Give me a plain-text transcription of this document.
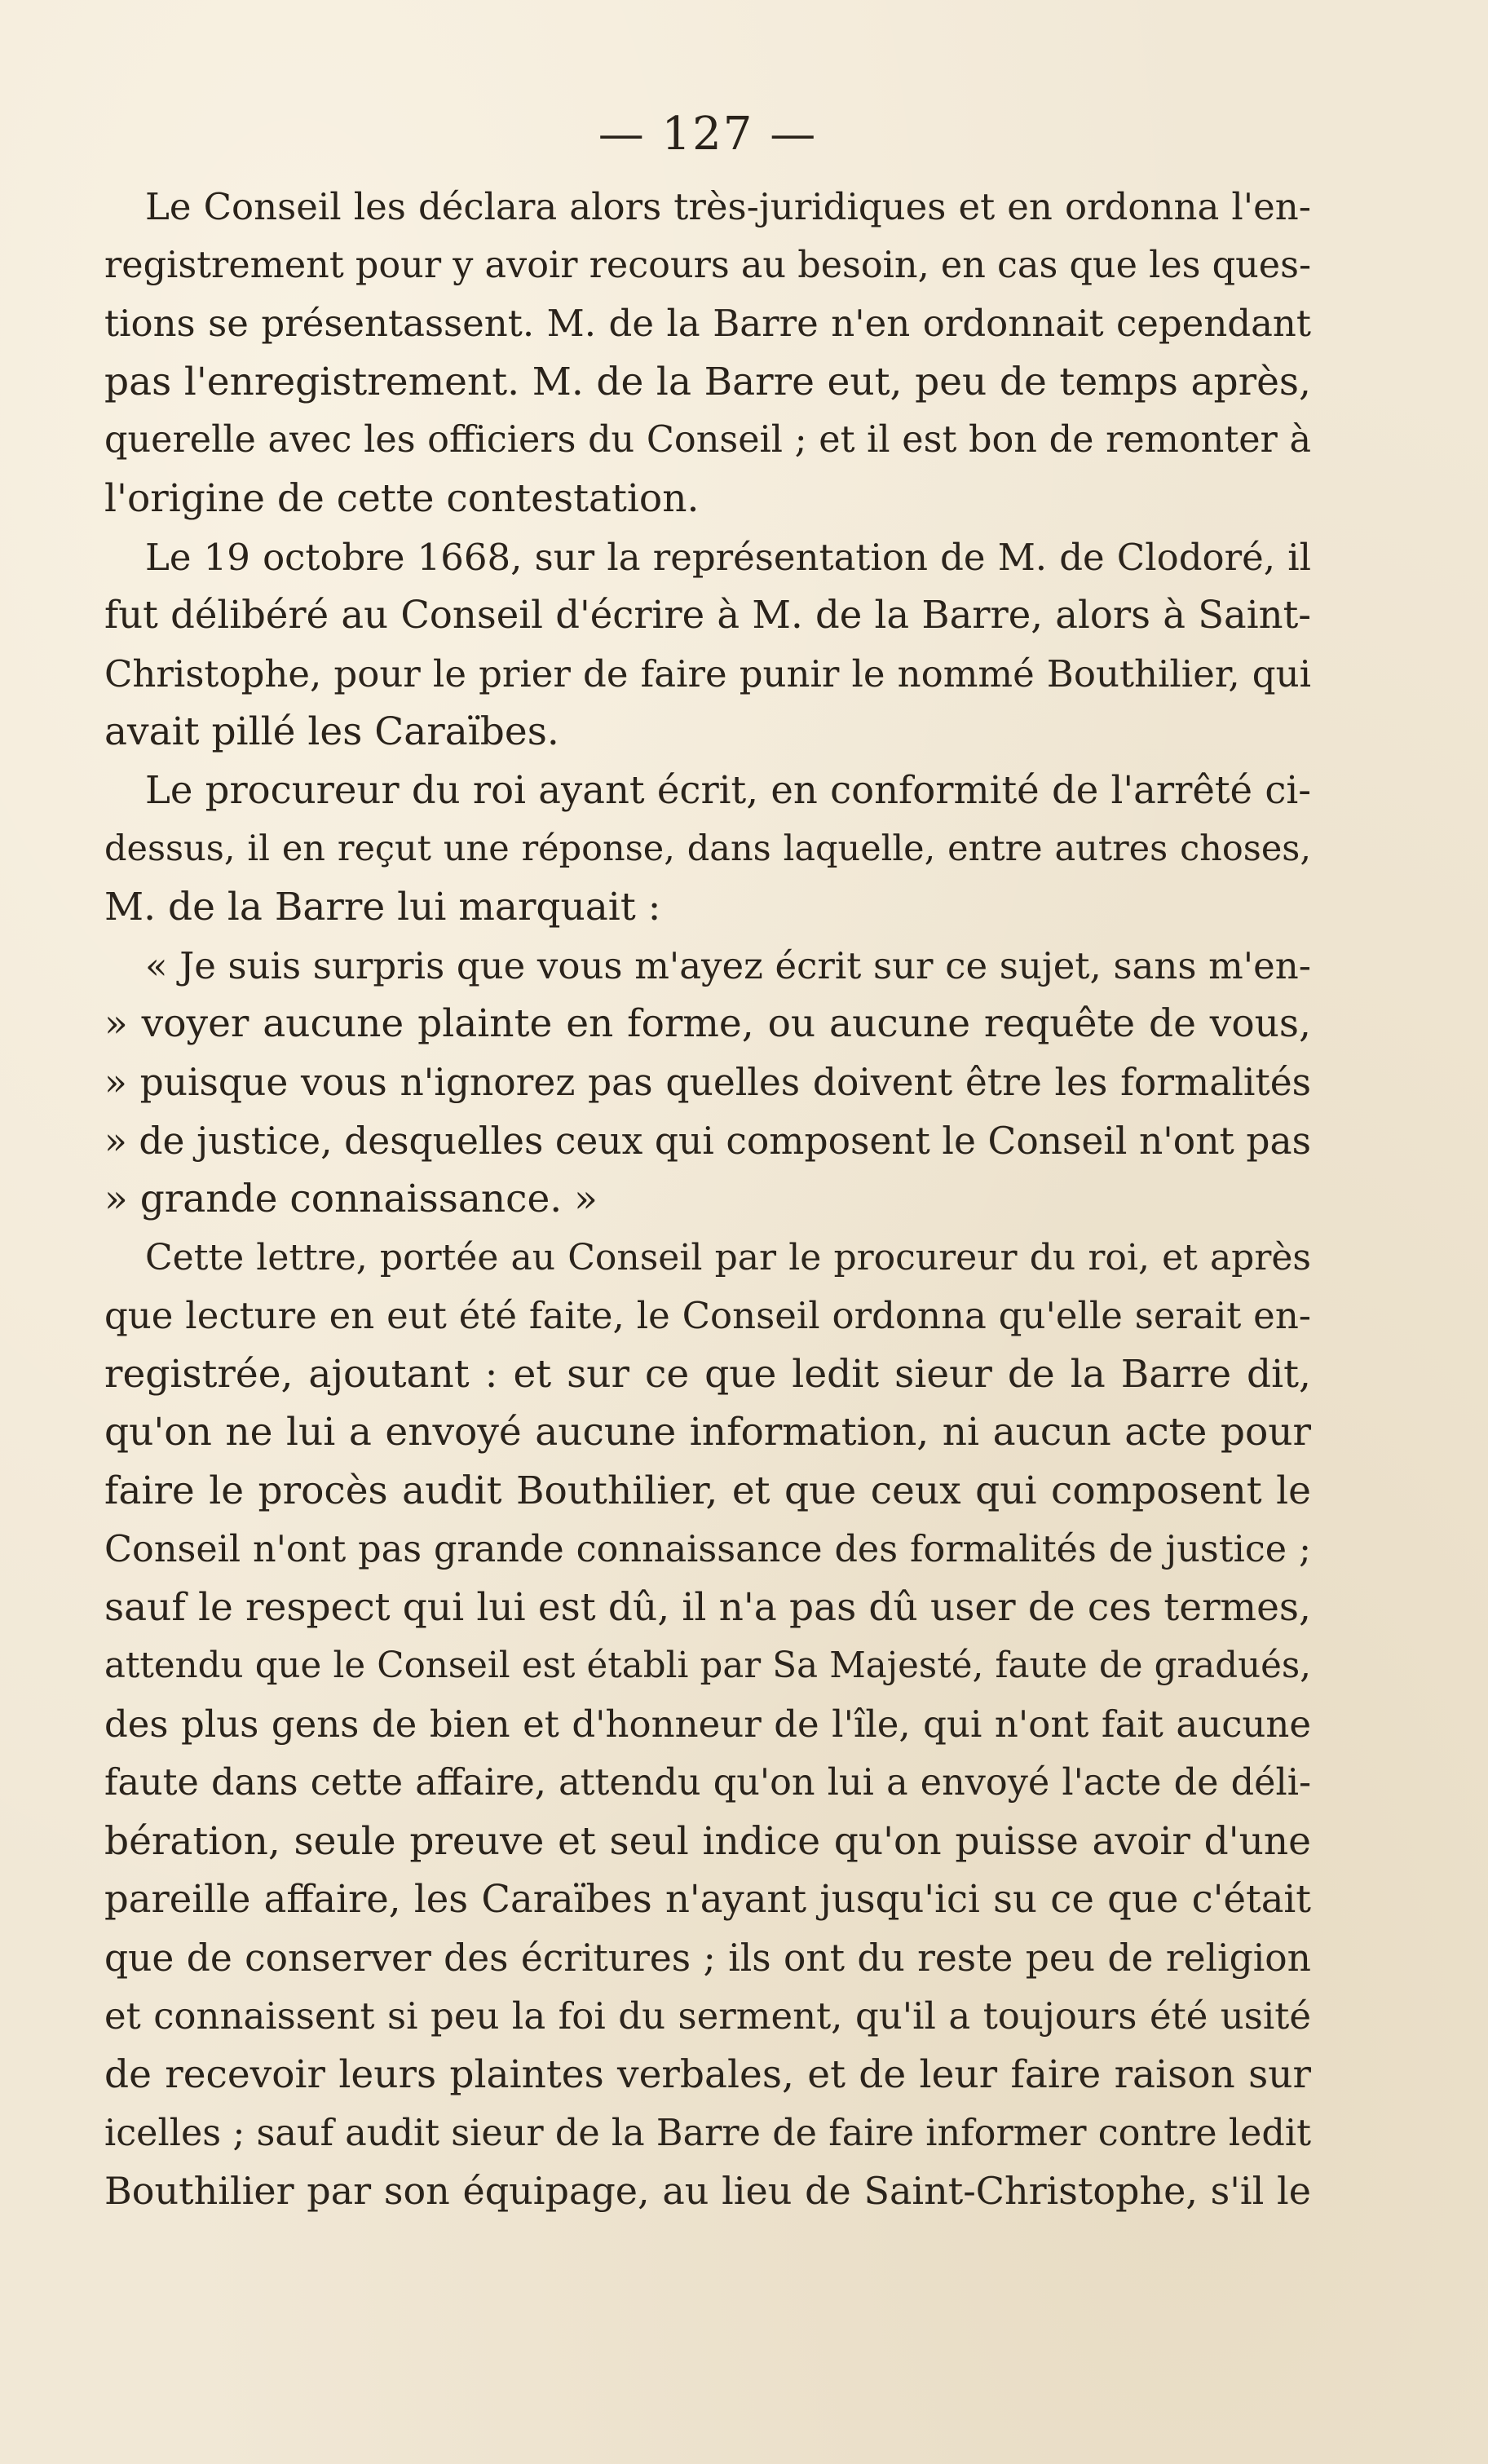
— 127 —
Le Conseil les déclara alors très-juridiques et en ordonna l'en-
registrement pour y avoir recours au besoin, en cas que les ques-
tions se présentassent. M. de la Barre n'en ordonnait cependant
pas l'enregistrement. M. de la Barre eut, peu de temps après,
querelle avec les officiers du Conseil ; et il est bon de remonter à
l'origine de cette contestation.
Le 19 octobre 1668, sur la représentation de M. de Clodoré, il
fut délibéré au Conseil d'écrire à M. de la Barre, alors à Saint-
Christophe, pour le prier de faire punir le nommé Bouthilier, qui
avait pillé les Caraïbes.
Le procureur du roi ayant écrit, en conformité de l'arrêté ci-
dessus, il en reçut une réponse, dans laquelle, entre autres choses,
M. de la Barre lui marquait :
« Je suis surpris que vous m'ayez écrit sur ce sujet, sans m'en-
» voyer aucune plainte en forme, ou aucune requête de vous,
» puisque vous n'ignorez pas quelles doivent être les formalités
» de justice, desquelles ceux qui composent le Conseil n'ont pas
» grande connaissance. »
Cette lettre, portée au Conseil par le procureur du roi, et après
que lecture en eut été faite, le Conseil ordonna qu'elle serait en-
registrée, ajoutant : et sur ce que ledit sieur de la Barre dit,
qu'on ne lui a envoyé aucune information, ni aucun acte pour
faire le procès audit Bouthilier, et que ceux qui composent le
Conseil n'ont pas grande connaissance des formalités de justice ;
sauf le respect qui lui est dû, il n'a pas dû user de ces termes,
attendu que le Conseil est établi par Sa Majesté, faute de gradués,
des plus gens de bien et d'honneur de l'île, qui n'ont fait aucune
faute dans cette affaire, attendu qu'on lui a envoyé l'acte de déli-
bération, seule preuve et seul indice qu'on puisse avoir d'une
pareille affaire, les Caraïbes n'ayant jusqu'ici su ce que c'était
que de conserver des écritures ; ils ont du reste peu de religion
et connaissent si peu la foi du serment, qu'il a toujours été usité
de recevoir leurs plaintes verbales, et de leur faire raison sur
icelles ; sauf audit sieur de la Barre de faire informer contre ledit
Bouthilier par son équipage, au lieu de Saint-Christophe, s'il le
